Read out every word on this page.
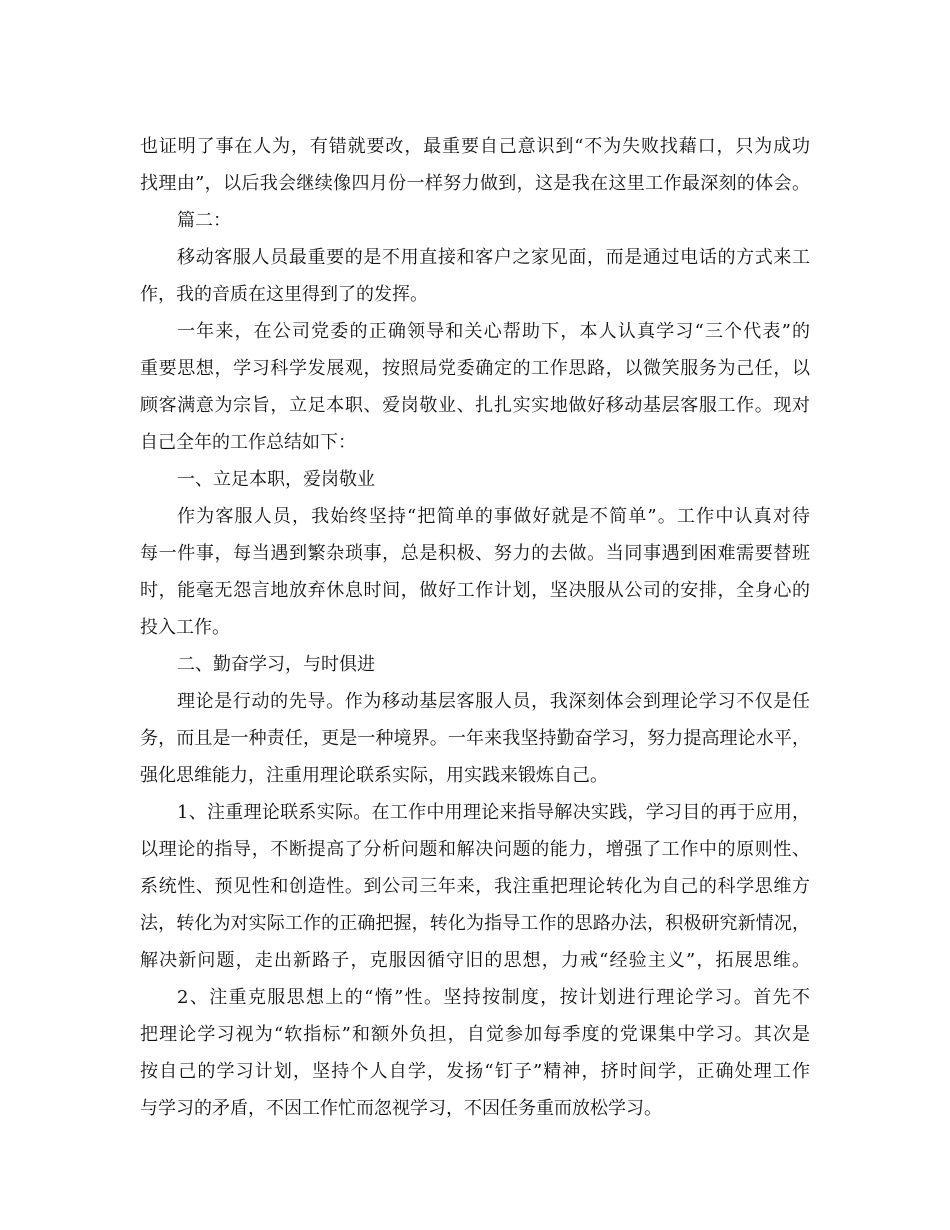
也证明了事在人为，有错就要改，最重要自己意识到“不为失败找藉口，只为成功
找理由”，以后我会继续像四月份一样努力做到，这是我在这里工作最深刻的体会。
篇二：
移动客服人员最重要的是不用直接和客户之家见面，而是通过电话的方式来工
作，我的音质在这里得到了的发挥。
一年来，在公司党委的正确领导和关心帮助下，本人认真学习“三个代表”的
重要思想，学习科学发展观，按照局党委确定的工作思路，以微笑服务为己任，以
顾客满意为宗旨，立足本职、爱岗敬业、扎扎实实地做好移动基层客服工作。现对
自己全年的工作总结如下：
一、立足本职，爱岗敬业
作为客服人员，我始终坚持“把简单的事做好就是不简单”。工作中认真对待
每一件事，每当遇到繁杂琐事，总是积极、努力的去做。当同事遇到困难需要替班
时，能毫无怨言地放弃休息时间，做好工作计划，坚决服从公司的安排，全身心的
投入工作。
二、勤奋学习，与时俱进
理论是行动的先导。作为移动基层客服人员，我深刻体会到理论学习不仅是任
务，而且是一种责任，更是一种境界。一年来我坚持勤奋学习，努力提高理论水平，
强化思维能力，注重用理论联系实际，用实践来锻炼自己。
1、注重理论联系实际。在工作中用理论来指导解决实践，学习目的再于应用，
以理论的指导，不断提高了分析问题和解决问题的能力，增强了工作中的原则性、
系统性、预见性和创造性。到公司三年来，我注重把理论转化为自己的科学思维方
法，转化为对实际工作的正确把握，转化为指导工作的思路办法，积极研究新情况，
解决新问题，走出新路子，克服因循守旧的思想，力戒“经验主义”，拓展思维。
2、注重克服思想上的“惰”性。坚持按制度，按计划进行理论学习。首先不
把理论学习视为“软指标”和额外负担，自觉参加每季度的党课集中学习。其次是
按自己的学习计划，坚持个人自学，发扬“钉子”精神，挤时间学，正确处理工作
与学习的矛盾，不因工作忙而忽视学习，不因任务重而放松学习。
